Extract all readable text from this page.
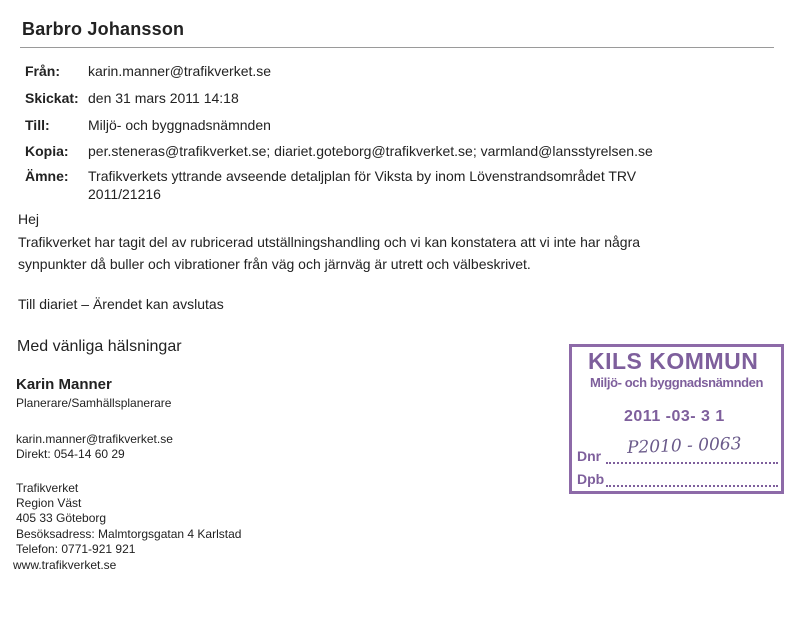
Barbro Johansson
Från: karin.manner@trafikverket.se
Skickat: den 31 mars 2011 14:18
Till:	Miljö- och byggnadsnämnden
Kopia: per.steneras@trafikverket.se; diariet.goteborg@trafikverket.se; varmland@lansstyrelsen.se
Ämne: Trafikverkets yttrande avseende detaljplan för Viksta by inom Lövenstrandsområdet TRV
2011/21216
Hej
Trafikverket har tagit del av rubricerad utställningshandling och vi kan konstatera att vi inte har några
synpunkter då buller och vibrationer från väg och järnväg är utrett och välbeskrivet.
Till diariet – Ärendet kan avslutas
Med vänliga hälsningar
Karin Manner
Planerare/Samhällsplanerare
karin.manner@trafikverket.se
Direkt: 054-14 60 29
Trafikverket
Region Väst
405 33 Göteborg
Besöksadress: Malmtorgsgatan 4 Karlstad
Telefon: 0771-921 921
www.trafikverket.se
KILS KOMMUN
Miljö- och byggnadsnämnden
2011 -03- 3 1
Dnr P2010 - 0063
Dpb
